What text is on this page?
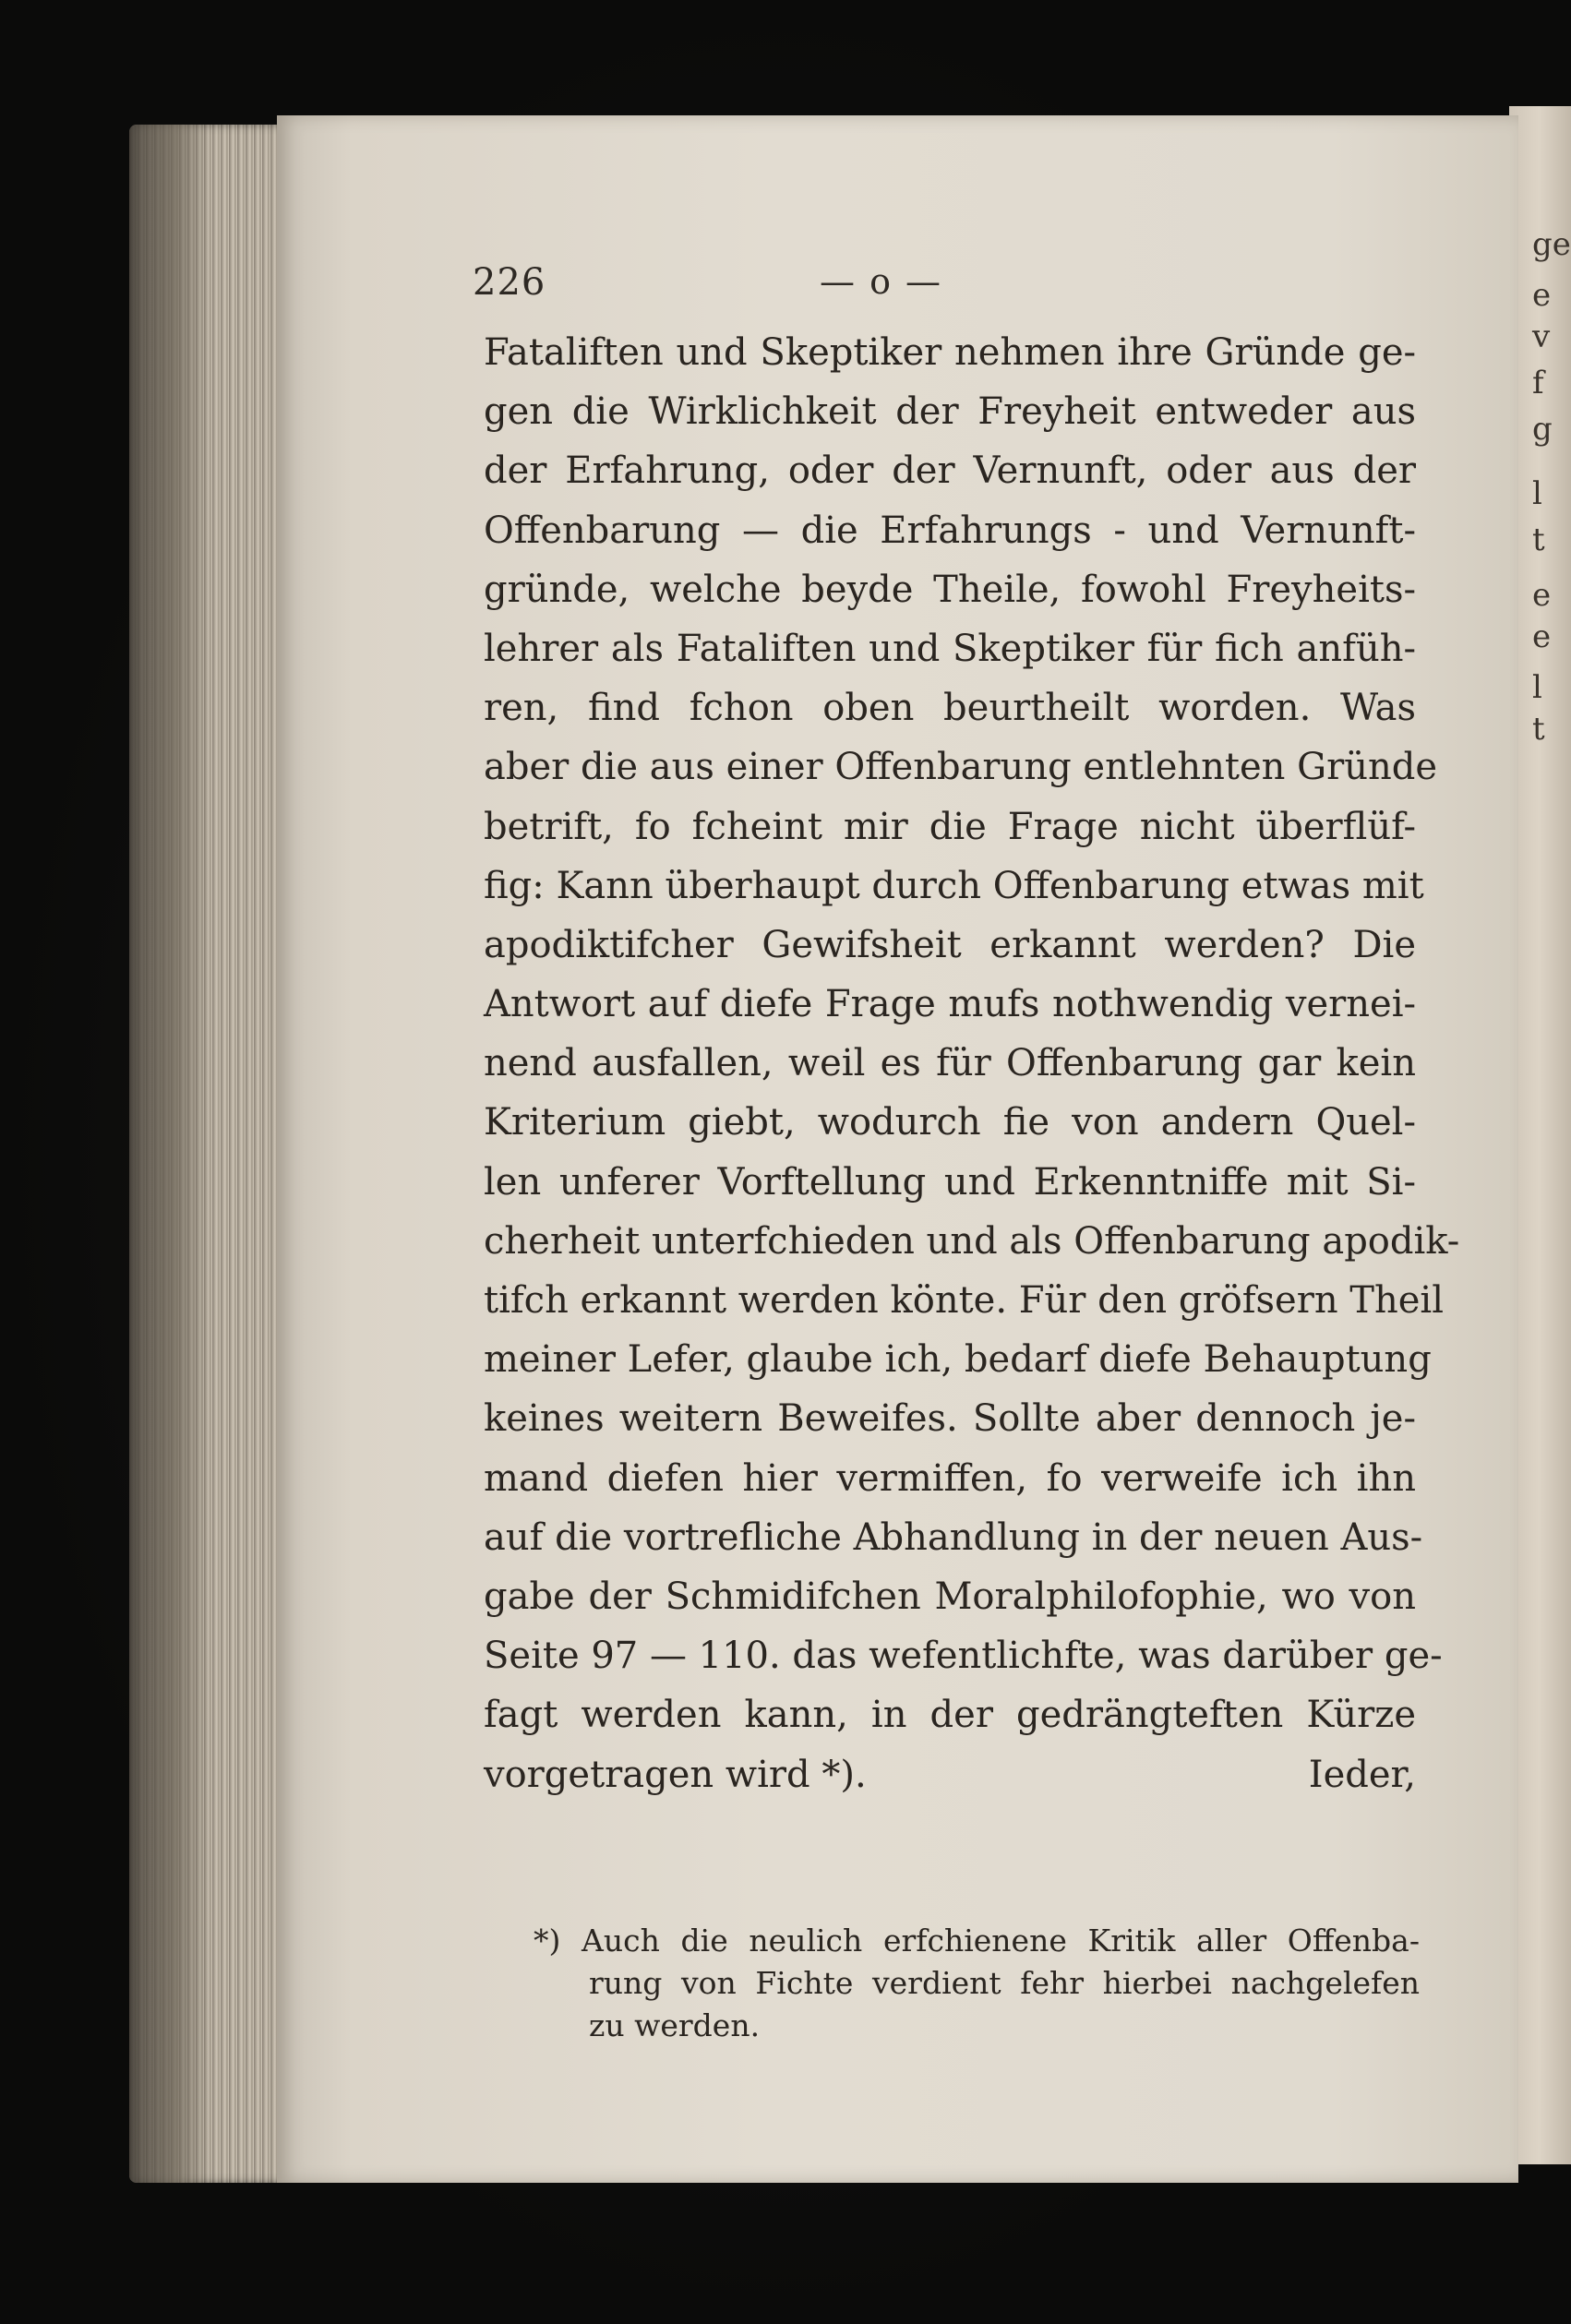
ge
e
v
f
g
l
t
e
e
l
t
226	— o —
Fataliften und Skeptiker nehmen ihre Gründe ge-
gen die Wirklichkeit der Freyheit entweder aus
der Erfahrung, oder der Vernunft, oder aus der
Offenbarung — die Erfahrungs - und Vernunft-
gründe, welche beyde Theile, fowohl Freyheits-
lehrer als Fataliften und Skeptiker für fich anfüh-
ren, find fchon oben beurtheilt worden. Was
aber die aus einer Offenbarung entlehnten Gründe
betrift, fo fcheint mir die Frage nicht überflüf-
fig: Kann überhaupt durch Offenbarung etwas mit
apodiktifcher Gewifsheit erkannt werden? Die
Antwort auf diefe Frage mufs nothwendig vernei-
nend ausfallen, weil es für Offenbarung gar kein
Kriterium giebt, wodurch fie von andern Quel-
len unferer Vorftellung und Erkenntniffe mit Si-
cherheit unterfchieden und als Offenbarung apodik-
tifch erkannt werden könte. Für den gröfsern Theil
meiner Lefer, glaube ich, bedarf diefe Behauptung
keines weitern Beweifes. Sollte aber dennoch je-
mand diefen hier vermiffen, fo verweife ich ihn
auf die vortrefliche Abhandlung in der neuen Aus-
gabe der Schmidifchen Moralphilofophie, wo von
Seite 97 — 110. das wefentlichfte, was darüber ge-
fagt werden kann, in der gedrängteften Kürze
vorgetragen wird *).	Ieder,
*) Auch die neulich erfchienene Kritik aller Offenba-
rung von Fichte verdient fehr hierbei nachgelefen
zu werden.
